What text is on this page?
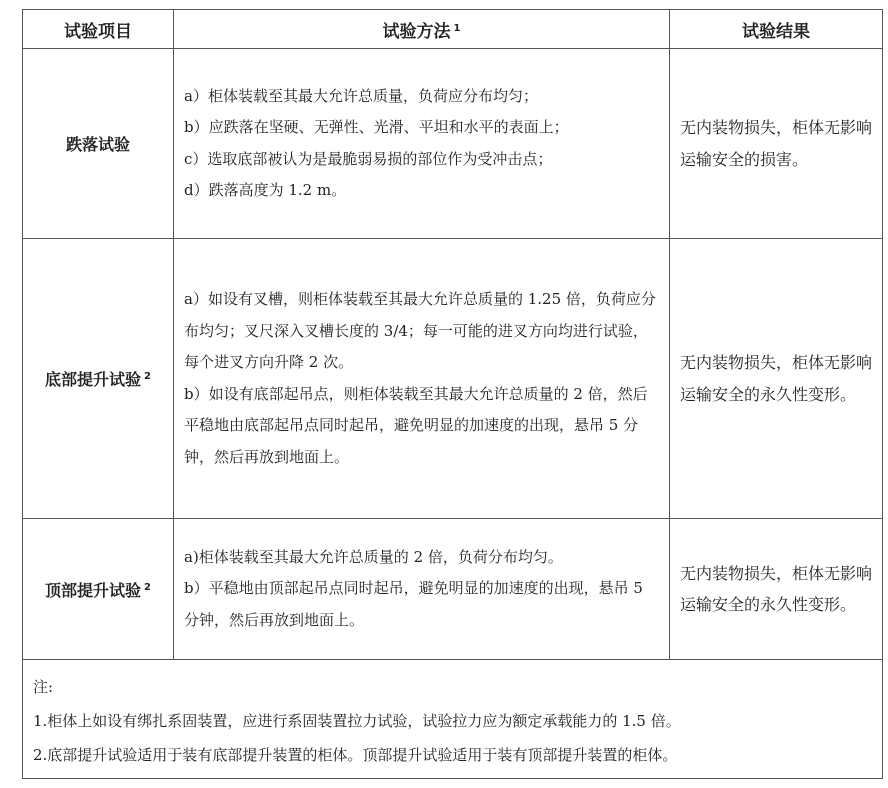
试验项目	试验方法 $^1$	试验结果
跌落试验	a）柜体装载至其最大允许总质量，负荷应分布均匀；

b）应跌落在坚硬、无弹性、光滑、平坦和水平的表面上；

c）选取底部被认为是最脆弱易损的部位作为受冲击点；

d）跌落高度为 1.2 m。	无内装物损失，柜体无影响运输安全的损害。
底部提升试验 $^2$	a）如设有叉槽，则柜体装载至其最大允许总质量的 1.25 倍，负荷应分布均匀；叉尺深入叉槽长度的 3/4；每一可能的进叉方向均进行试验，每个进叉方向升降 2 次。

b）如设有底部起吊点，则柜体装载至其最大允许总质量的 2 倍，然后平稳地由底部起吊点同时起吊，避免明显的加速度的出现，悬吊 5 分钟，然后再放到地面上。	无内装物损失，柜体无影响运输安全的永久性变形。
顶部提升试验 $^2$	a)柜体装载至其最大允许总质量的 2 倍，负荷分布均匀。

b）平稳地由顶部起吊点同时起吊，避免明显的加速度的出现，悬吊 5 分钟，然后再放到地面上。	无内装物损失，柜体无影响运输安全的永久性变形。

注:

1.柜体上如设有绑扎系固装置，应进行系固装置拉力试验，试验拉力应为额定承载能力的 1.5 倍。

2.底部提升试验适用于装有底部提升装置的柜体。顶部提升试验适用于装有顶部提升装置的柜体。		
